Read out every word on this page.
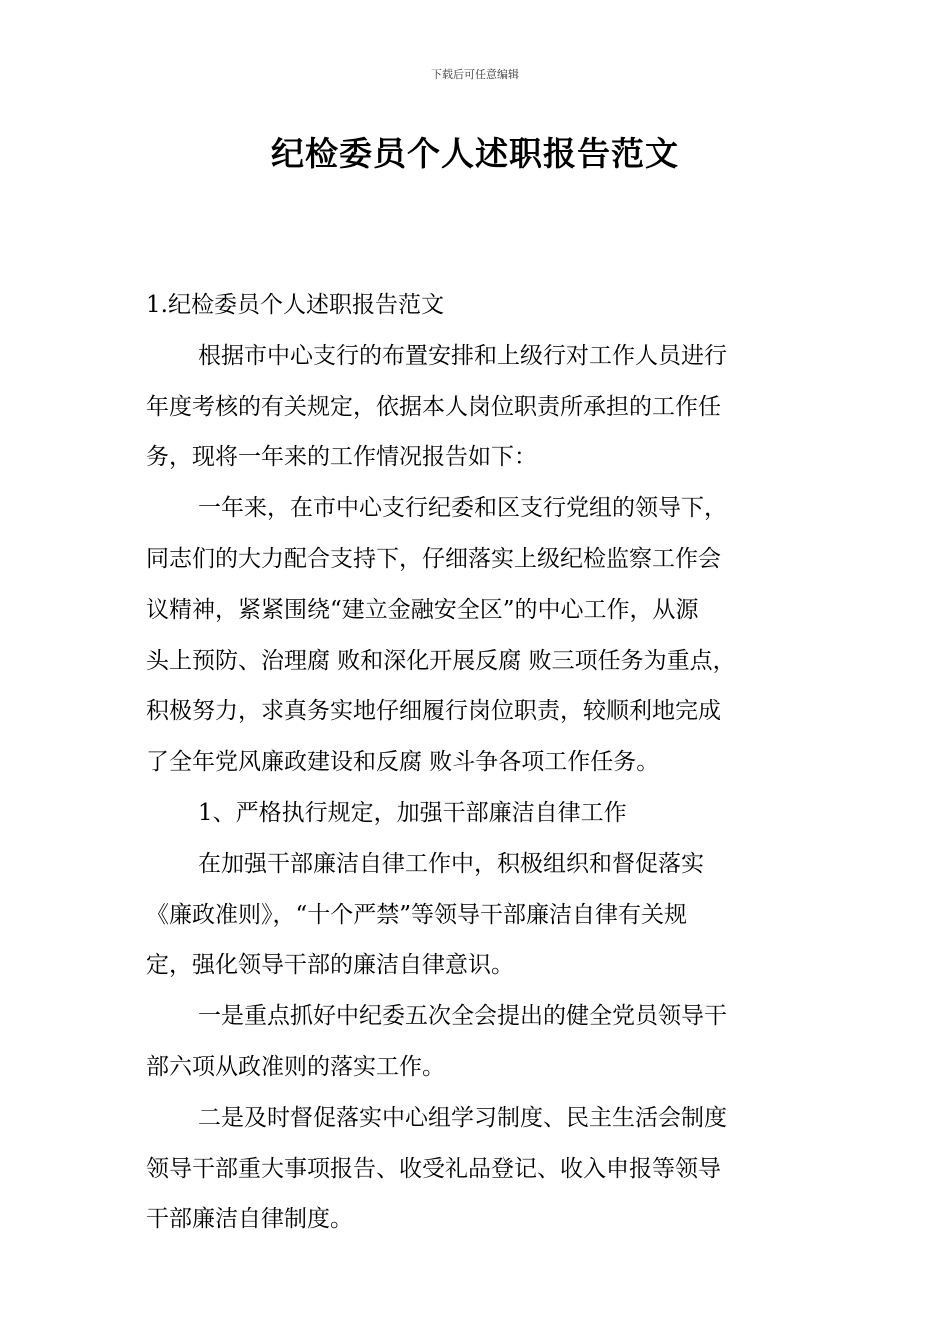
下载后可任意编辑
纪检委员个人述职报告范文
1.纪检委员个人述职报告范文
根据市中心支行的布置安排和上级行对工作人员进行
年度考核的有关规定，依据本人岗位职责所承担的工作任
务，现将一年来的工作情况报告如下：
一年来，在市中心支行纪委和区支行党组的领导下，
同志们的大力配合支持下，仔细落实上级纪检监察工作会
议精神，紧紧围绕“建立金融安全区”的中心工作，从源
头上预防、治理腐 败和深化开展反腐 败三项任务为重点，
积极努力，求真务实地仔细履行岗位职责，较顺利地完成
了全年党风廉政建设和反腐 败斗争各项工作任务。
1、严格执行规定，加强干部廉洁自律工作
在加强干部廉洁自律工作中，积极组织和督促落实
《廉政准则》，“十个严禁”等领导干部廉洁自律有关规
定，强化领导干部的廉洁自律意识。
一是重点抓好中纪委五次全会提出的健全党员领导干
部六项从政准则的落实工作。
二是及时督促落实中心组学习制度、民主生活会制度
领导干部重大事项报告、收受礼品登记、收入申报等领导
干部廉洁自律制度。
